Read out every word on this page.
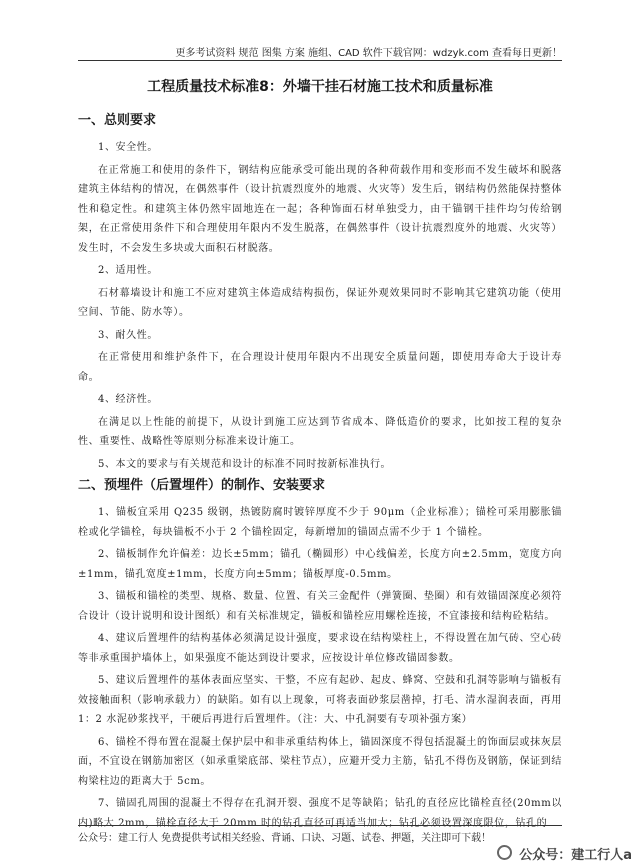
更多考试资料 规范 图集 方案 施组、CAD 软件下载官网：wdzyk.com 查看每日更新！
工程质量技术标准8：外墙干挂石材施工技术和质量标准
一、总则要求

1、安全性。

在正常施工和使用的条件下，钢结构应能承受可能出现的各种荷载作用和变形而不发生破坏和脱落建筑主体结构的情况，在偶然事件（设计抗震烈度外的地震、火灾等）发生后，钢结构仍然能保持整体性和稳定性。和建筑主体仍然牢固地连在一起；各种饰面石材单独受力，由干锚钢干挂件均匀传给钢架，在正常使用条件下和合理使用年限内不发生脱落，在偶然事件（设计抗震烈度外的地震、火灾等）发生时，不会发生多块或大面积石材脱落。

2、适用性。

石材幕墙设计和施工不应对建筑主体造成结构损伤，保证外观效果同时不影响其它建筑功能（使用空间、节能、防水等）。

3、耐久性。

在正常使用和维护条件下，在合理设计使用年限内不出现安全质量问题，即使用寿命大于设计寿命。

4、经济性。

在满足以上性能的前提下，从设计到施工应达到节省成本、降低造价的要求，比如按工程的复杂性、重要性、战略性等原则分标准来设计施工。

5、本文的要求与有关规范和设计的标准不同时按新标准执行。

二、预埋件（后置埋件）的制作、安装要求

1、锚板宜采用 Q235 级钢，热镀防腐时镀锌厚度不少于 90μm（企业标准）；锚栓可采用膨胀锚栓或化学锚栓，每块锚板不小于 2 个锚栓固定，每新增加的锚固点需不少于 1 个锚栓。

2、锚板制作允许偏差：边长±5mm；锚孔（椭圆形）中心线偏差，长度方向±2.5mm，宽度方向±1mm，锚孔宽度±1mm，长度方向±5mm；锚板厚度-0.5mm。

3、锚板和锚栓的类型、规格、数量、位置、有关三金配件（弹簧圈、垫圈）和有效锚固深度必须符合设计（设计说明和设计图纸）和有关标准规定，锚板和锚栓应用螺栓连接，不宜漆接和结构砼粘结。

4、建议后置埋件的结构基体必须满足设计强度，要求设在结构梁柱上，不得设置在加气砖、空心砖等非承重围护墙体上，如果强度不能达到设计要求，应按设计单位修改锚固参数。

5、建议后置埋件的基体表面应坚实、干整，不应有起砂、起皮、蜂窝、空鼓和孔洞等影响与锚板有效接触面积（影响承载力）的缺陷。如有以上现象，可将表面砂浆层凿掉，打毛、清水湿润表面，再用 1：2 水泥砂浆找平，干硬后再进行后置埋件。（注：大、中孔洞要有专项补强方案）

6、锚栓不得布置在混凝土保护层中和非承重结构体上，锚固深度不得包括混凝土的饰面层或抹灰层面，不宜设在钢筋加密区（如承重梁底部、梁柱节点），应避开受力主筋，钻孔不得伤及钢筋，保证到结构梁柱边的距离大于 5cm。

7、锚固孔周围的混凝土不得存在孔洞开裂、强度不足等缺陷；钻孔的直径应比锚栓直径(20mm以内)略大 2mm，锚栓直径大于 20mm 时的钻孔直径可再适当加大；钻孔必须设置深度限位，钻孔的

公众号：建工行人 免费提供考试相关经验、背诵、口诀、习题、试卷、押题，关注即可下载！
公众号：建工行人a
